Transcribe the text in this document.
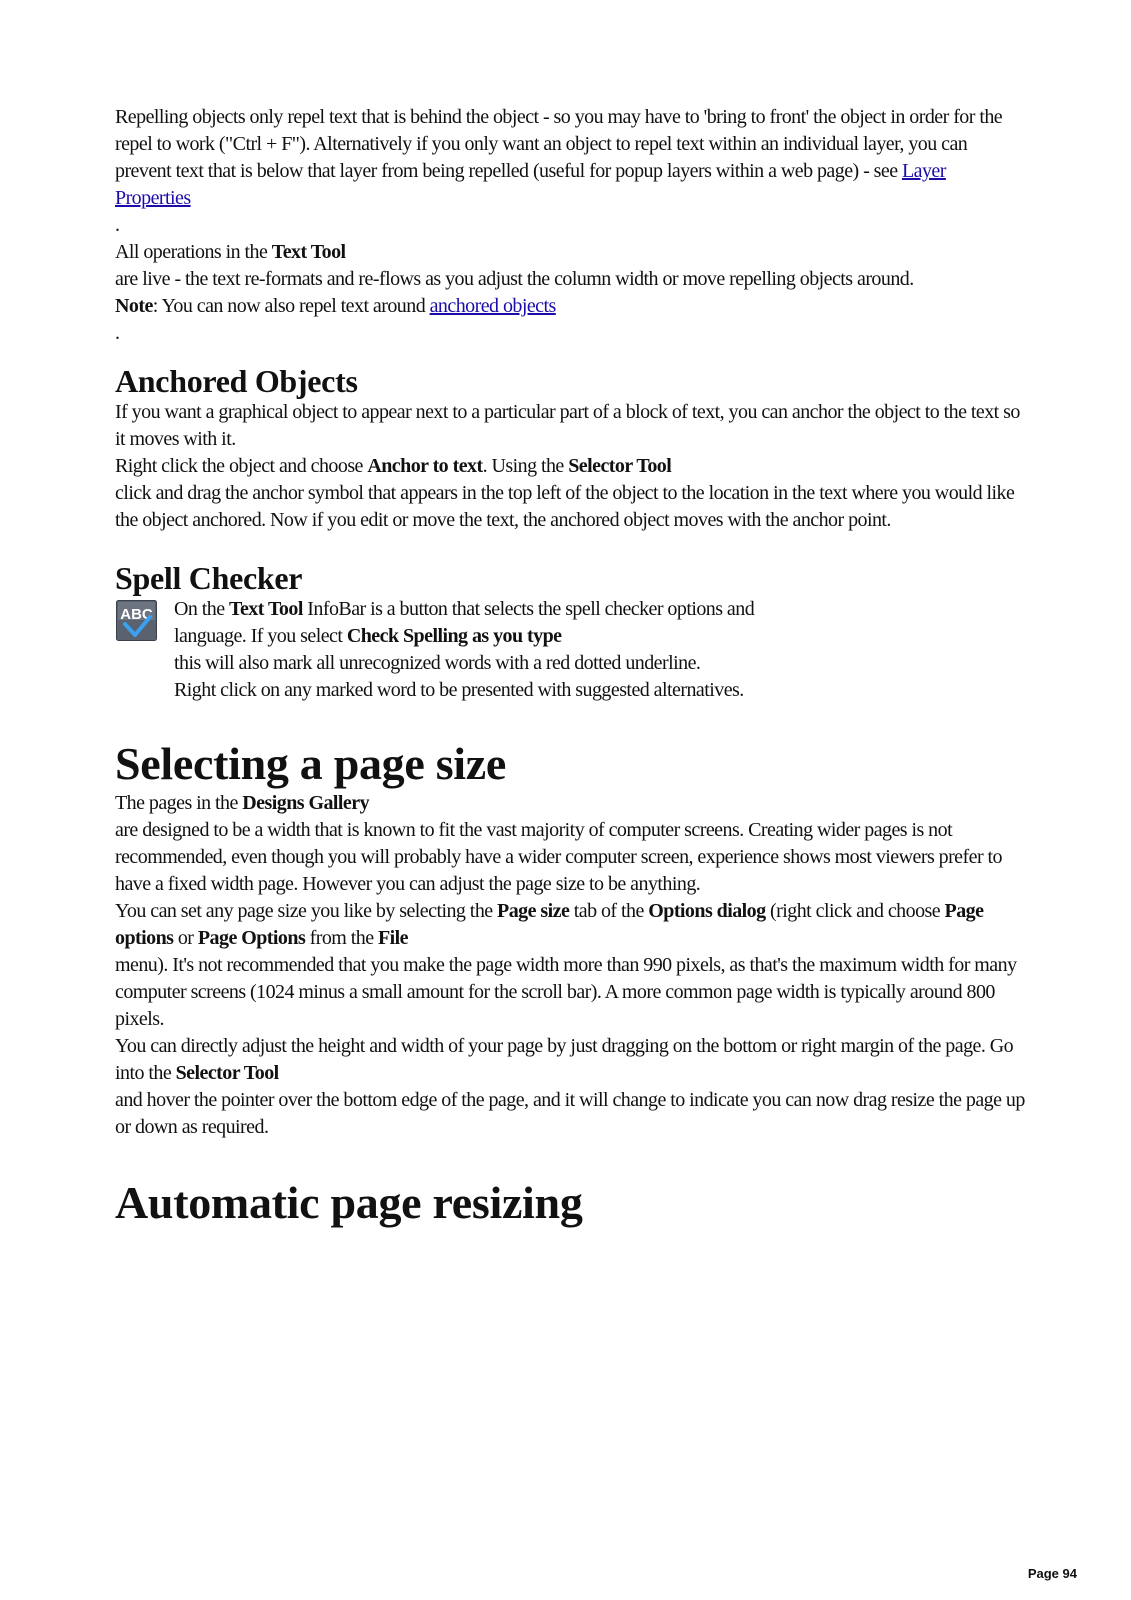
Repelling objects only repel text that is behind the object - so you may have to 'bring to front' the object in order for the repel to work ("Ctrl + F"). Alternatively if you only want an object to repel text within an individual layer, you can prevent text that is below that layer from being repelled (useful for popup layers within a web page) - see Layer Properties

.

All operations in the Text Tool

are live - the text re-formats and re-flows as you adjust the column width or move repelling objects around.

Note: You can now also repel text around anchored objects

.

Anchored Objects

If you want a graphical object to appear next to a particular part of a block of text, you can anchor the object to the text so it moves with it.

Right click the object and choose Anchor to text. Using the Selector Tool

click and drag the anchor symbol that appears in the top left of the object to the location in the text where you would like the object anchored. Now if you edit or move the text, the anchored object moves with the anchor point.

Spell Checker
ABC On the Text Tool InfoBar is a button that selects the spell checker options and language. If you select Check Spelling as you type

this will also mark all unrecognized words with a red dotted underline.

Right click on any marked word to be presented with suggested alternatives.

Selecting a page size

The pages in the Designs Gallery

are designed to be a width that is known to fit the vast majority of computer screens. Creating wider pages is not recommended, even though you will probably have a wider computer screen, experience shows most viewers prefer to have a fixed width page. However you can adjust the page size to be anything.

You can set any page size you like by selecting the Page size tab of the Options dialog (right click and choose Page options or Page Options from the File

menu). It's not recommended that you make the page width more than 990 pixels, as that's the maximum width for many computer screens (1024 minus a small amount for the scroll bar). A more common page width is typically around 800 pixels.

You can directly adjust the height and width of your page by just dragging on the bottom or right margin of the page. Go into the Selector Tool

and hover the pointer over the bottom edge of the page, and it will change to indicate you can now drag resize the page up or down as required.

Automatic page resizing
Page 94
